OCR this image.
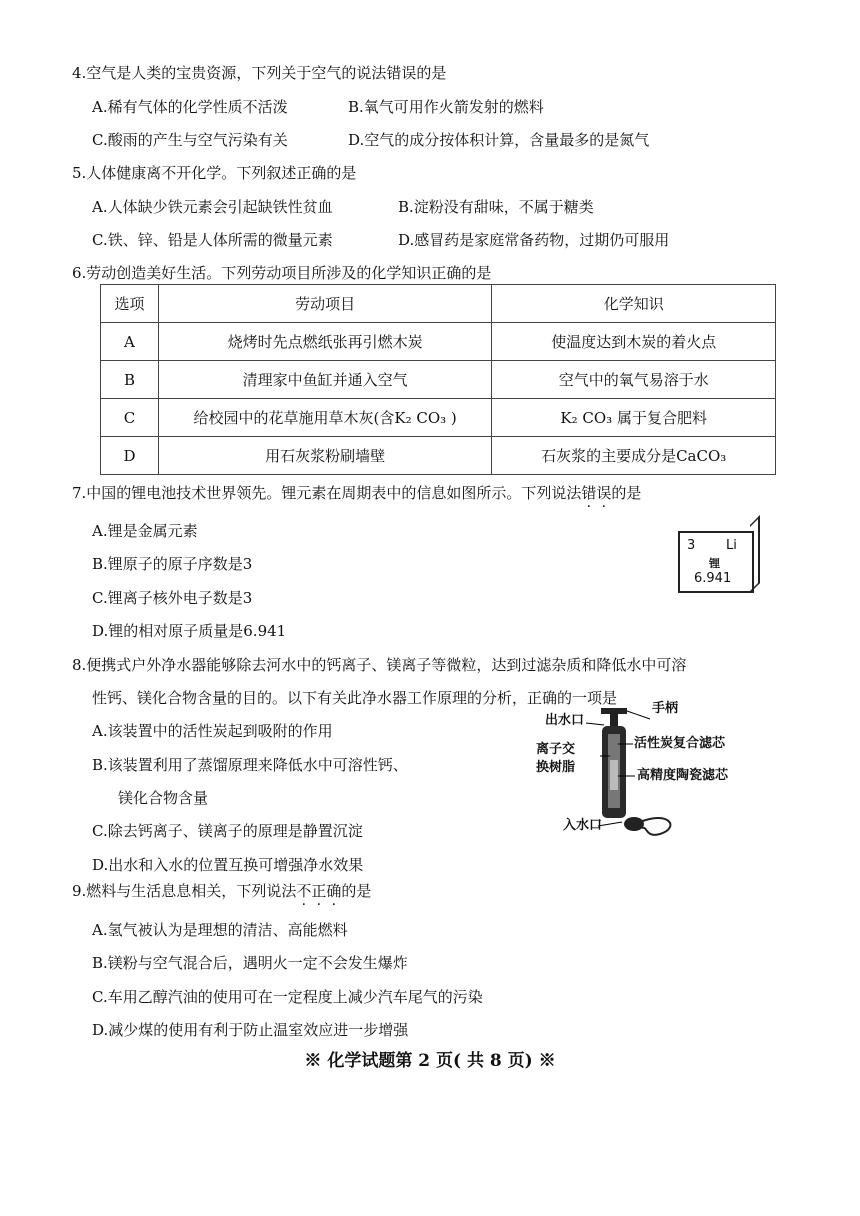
4.空气是人类的宝贵资源，下列关于空气的说法错误的是
A.稀有气体的化学性质不活泼	B.氧气可用作火箭发射的燃料
C.酸雨的产生与空气污染有关	D.空气的成分按体积计算，含量最多的是氮气
5.人体健康离不开化学。下列叙述正确的是
A.人体缺少铁元素会引起缺铁性贫血	B.淀粉没有甜味，不属于糖类
C.铁、锌、铅是人体所需的微量元素	D.感冒药是家庭常备药物，过期仍可服用
6.劳动创造美好生活。下列劳动项目所涉及的化学知识正确的是
选项	劳动项目	化学知识
A	烧烤时先点燃纸张再引燃木炭	使温度达到木炭的着火点
B	清理家中鱼缸并通入空气	空气中的氧气易溶于水
C	给校园中的花草施用草木灰(含K₂ CO₃ )	K₂ CO₃ 属于复合肥料
D	用石灰浆粉刷墙壁	石灰浆的主要成分是CaCO₃
7.中国的锂电池技术世界领先。锂元素在周期表中的信息如图所示。下列说法错误
· ·
的是
A.锂是金属元素
B.锂原子的原子序数是3
C.锂离子核外电子数是3
D.锂的相对原子质量是6.941
3 Li
锂
6.941
8.便携式户外净水器能够除去河水中的钙离子、镁离子等微粒，达到过滤杂质和降低水中可溶
性钙、镁化合物含量的目的。以下有关此净水器工作原理的分析，正确的一项是
A.该装置中的活性炭起到吸附的作用
B.该装置利用了蒸馏原理来降低水中可溶性钙、
镁化合物含量
C.除去钙离子、镁离子的原理是静置沉淀
D.出水和入水的位置互换可增强净水效果
出水口
手柄
离子交
换树脂
活性炭复合滤芯
高精度陶瓷滤芯
入水口
9.燃料与生活息息相关，下列说法不正确
· · ·
的是
A.氢气被认为是理想的清洁、高能燃料
B.镁粉与空气混合后，遇明火一定不会发生爆炸
C.车用乙醇汽油的使用可在一定程度上减少汽车尾气的污染
D.减少煤的使用有利于防止温室效应进一步增强
※ 化学试题第 2 页( 共 8 页) ※
